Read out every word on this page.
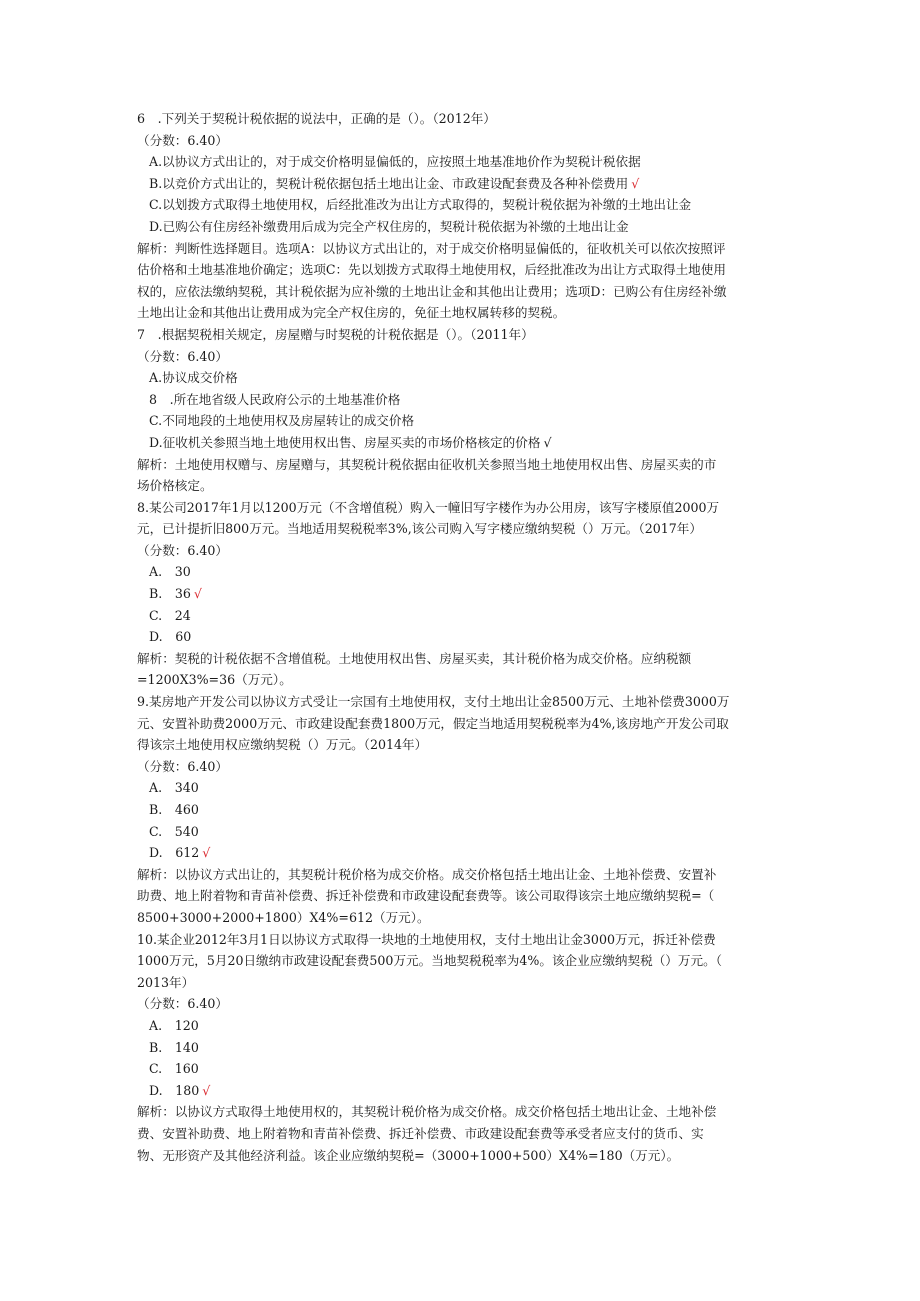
6　.下列关于契税计税依据的说法中，正确的是（）。（2012年）
（分数：6.40）
A.以协议方式出让的，对于成交价格明显偏低的，应按照土地基准地价作为契税计税依据
B.以竞价方式出让的，契税计税依据包括土地出让金、市政建设配套费及各种补偿费用 √
C.以划拨方式取得土地使用权，后经批准改为出让方式取得的，契税计税依据为补缴的土地出让金
D.已购公有住房经补缴费用后成为完全产权住房的，契税计税依据为补缴的土地出让金
解析：判断性选择题目。选项A：以协议方式出让的，对于成交价格明显偏低的，征收机关可以依次按照评
估价格和土地基准地价确定；选项C：先以划拨方式取得土地使用权，后经批准改为出让方式取得土地使用
权的，应依法缴纳契税，其计税依据为应补缴的土地出让金和其他出让费用；选项D：已购公有住房经补缴
土地出让金和其他出让费用成为完全产权住房的，免征土地权属转移的契税。
7　.根据契税相关规定，房屋赠与时契税的计税依据是（）。（2011年）
（分数：6.40）
A.协议成交价格
8　.所在地省级人民政府公示的土地基准价格
C.不同地段的土地使用权及房屋转让的成交价格
D.征收机关参照当地土地使用权出售、房屋买卖的市场价格核定的价格 √
解析：土地使用权赠与、房屋赠与，其契税计税依据由征收机关参照当地土地使用权出售、房屋买卖的市
场价格核定。
8.某公司2017年1月以1200万元（不含增值税）购入一幢旧写字楼作为办公用房，该写字楼原值2000万
元，已计提折旧800万元。当地适用契税税率3%,该公司购入写字楼应缴纳契税（）万元。（2017年）
（分数：6.40）
A.　30
B.　36 √
C.　24
D.　60
解析：契税的计税依据不含增值税。土地使用权出售、房屋买卖，其计税价格为成交价格。应纳税额
=1200X3%=36（万元）。
9.某房地产开发公司以协议方式受让一宗国有土地使用权，支付土地出让金8500万元、土地补偿费3000万
元、安置补助费2000万元、市政建设配套费1800万元，假定当地适用契税税率为4%,该房地产开发公司取
得该宗土地使用权应缴纳契税（）万元。（2014年）
（分数：6.40）
A.　340
B.　460
C.　540
D.　612 √
解析：以协议方式出让的，其契税计税价格为成交价格。成交价格包括土地出让金、土地补偿费、安置补
助费、地上附着物和青苗补偿费、拆迁补偿费和市政建设配套费等。该公司取得该宗土地应缴纳契税=（
8500+3000+2000+1800）X4%=612（万元）。
10.某企业2012年3月1日以协议方式取得一块地的土地使用权，支付土地出让金3000万元，拆迁补偿费
1000万元，5月20日缴纳市政建设配套费500万元。当地契税税率为4%。该企业应缴纳契税（）万元。（
2013年）
（分数：6.40）
A.　120
B.　140
C.　160
D.　180 √
解析：以协议方式取得土地使用权的，其契税计税价格为成交价格。成交价格包括土地出让金、土地补偿
费、安置补助费、地上附着物和青苗补偿费、拆迁补偿费、市政建设配套费等承受者应支付的货币、实
物、无形资产及其他经济利益。该企业应缴纳契税=（3000+1000+500）X4%=180（万元）。
